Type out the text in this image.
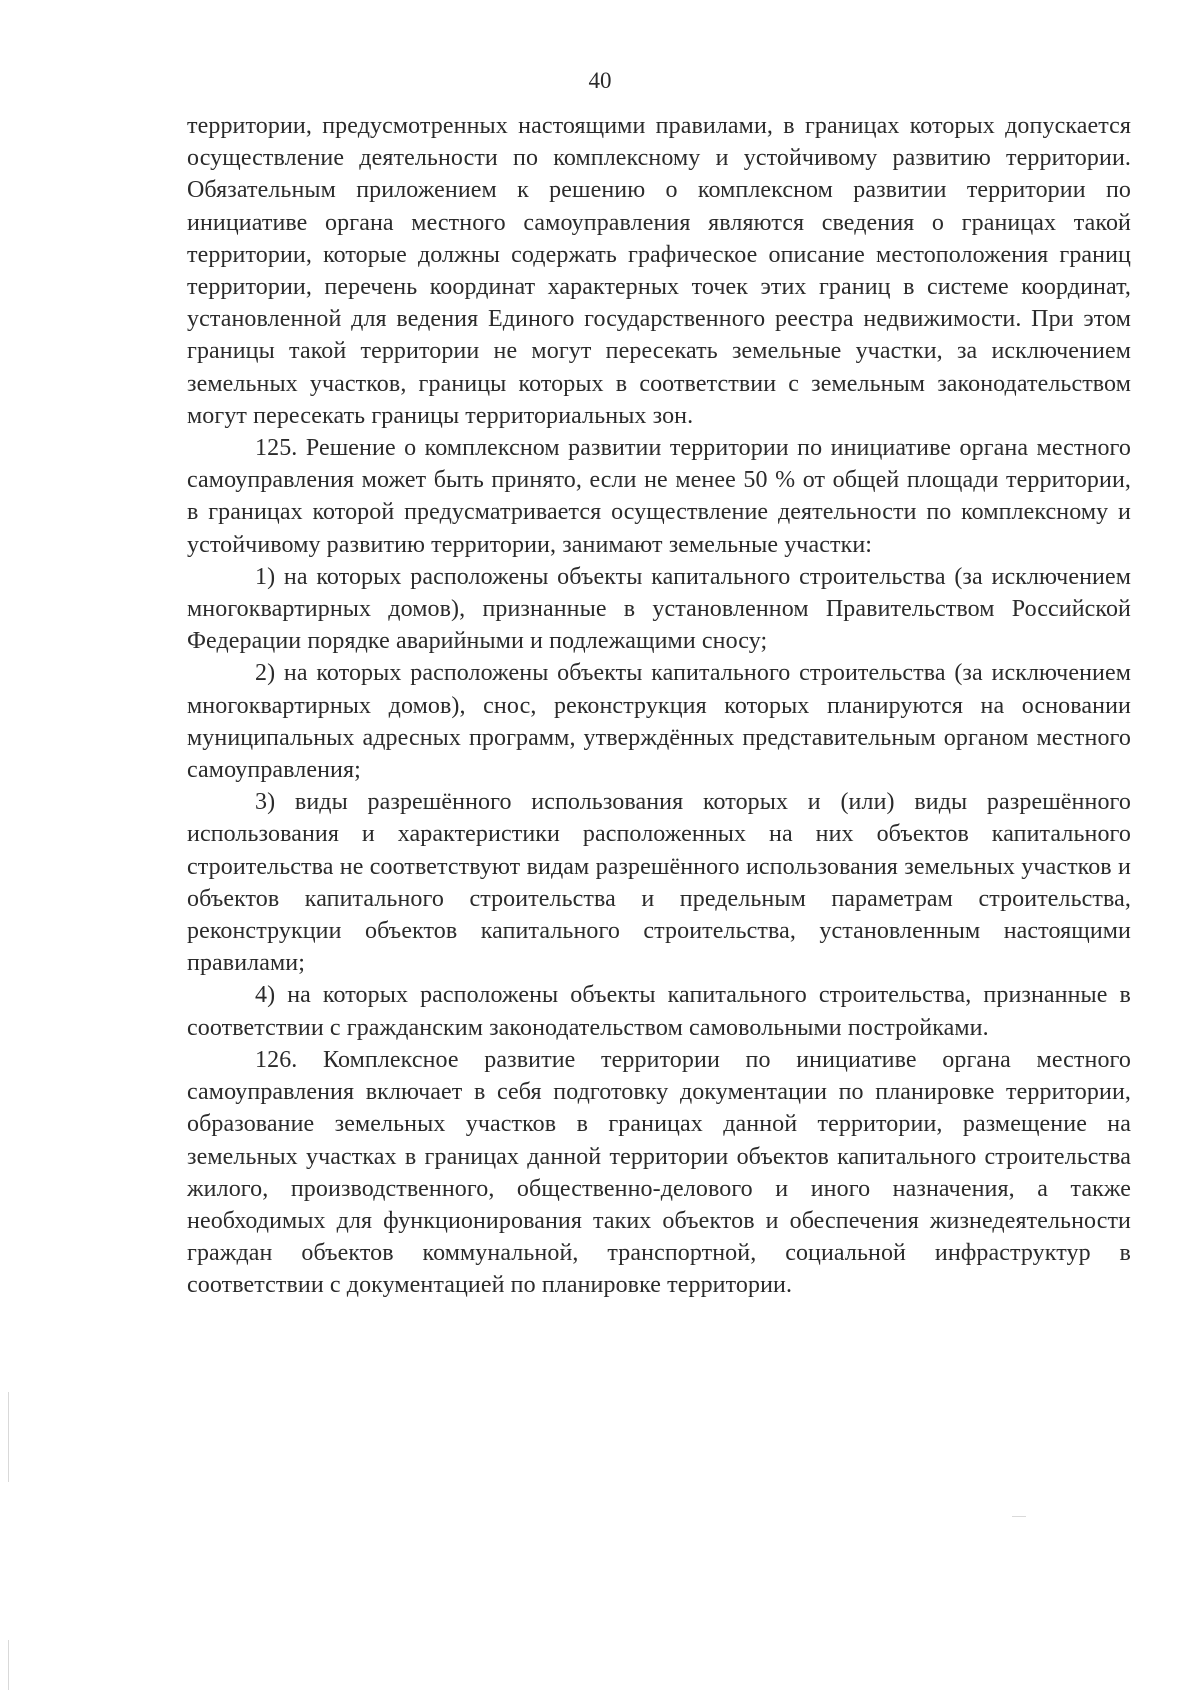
40

территории, предусмотренных настоящими правилами, в границах которых допускается осуществление деятельности по комплексному и устойчивому развитию территории. Обязательным приложением к решению о комплексном развитии территории по инициативе органа местного самоуправления являются сведения о границах такой территории, которые должны содержать графическое описание местоположения границ территории, перечень координат характерных точек этих границ в системе координат, установленной для ведения Единого государственного реестра недвижимости. При этом границы такой территории не могут пересекать земельные участки, за исключением земельных участков, границы которых в соответствии с земельным законодательством могут пересекать границы территориальных зон.

125. Решение о комплексном развитии территории по инициативе органа местного самоуправления может быть принято, если не менее 50 % от общей площади территории, в границах которой предусматривается осуществление деятельности по комплексному и устойчивому развитию территории, занимают земельные участки:

1) на которых расположены объекты капитального строительства (за исключением многоквартирных домов), признанные в установленном Правительством Российской Федерации порядке аварийными и подлежащими сносу;

2) на которых расположены объекты капитального строительства (за исключением многоквартирных домов), снос, реконструкция которых планируются на основании муниципальных адресных программ, утверждённых представительным органом местного самоуправления;

3) виды разрешённого использования которых и (или) виды разрешённого использования и характеристики расположенных на них объектов капитального строительства не соответствуют видам разрешённого использования земельных участков и объектов капитального строительства и предельным параметрам строительства, реконструкции объектов капитального строительства, установленным настоящими правилами;

4) на которых расположены объекты капитального строительства, признанные в соответствии с гражданским законодательством самовольными постройками.

126. Комплексное развитие территории по инициативе органа местного самоуправления включает в себя подготовку документации по планировке территории, образование земельных участков в границах данной территории, размещение на земельных участках в границах данной территории объектов капитального строительства жилого, производственного, общественно-делового и иного назначения, а также необходимых для функционирования таких объектов и обеспечения жизнедеятельности граждан объектов коммунальной, транспортной, социальной инфраструктур в соответствии с документацией по планировке территории.
